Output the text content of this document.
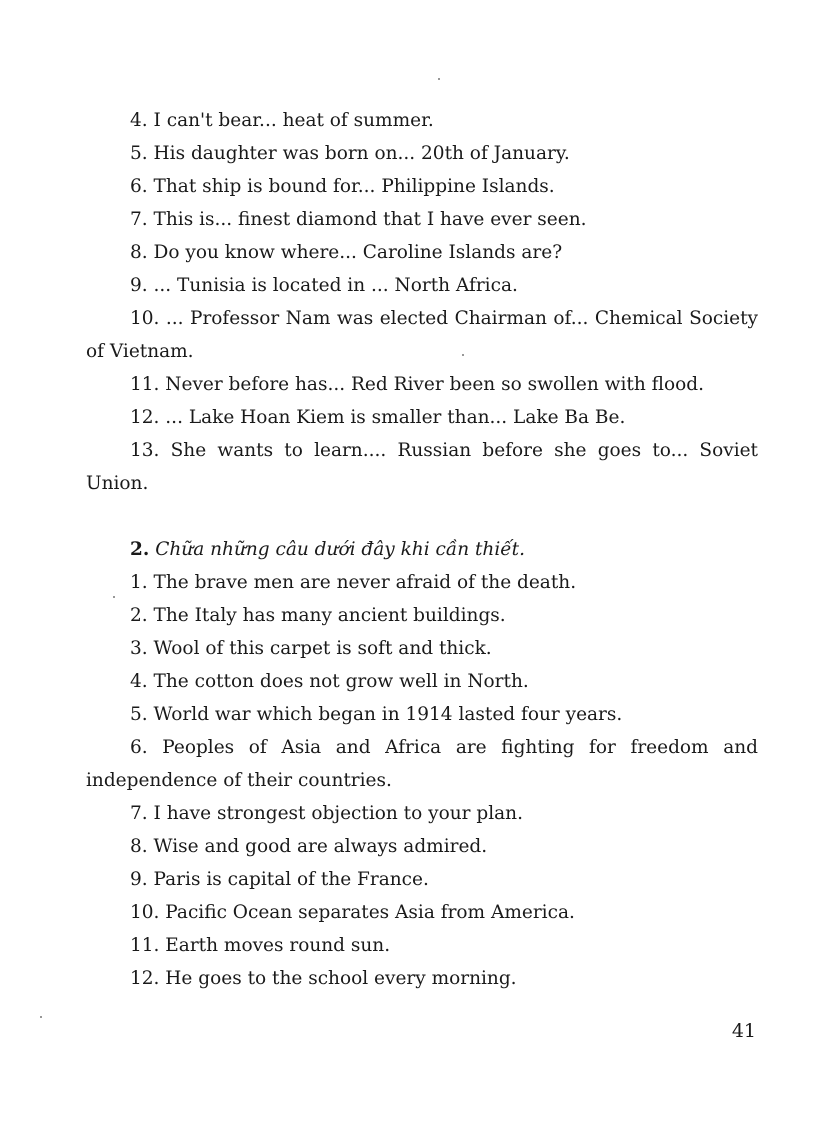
4. I can't bear... heat of summer.

5. His daughter was born on... 20th of January.

6. That ship is bound for... Philippine Islands.

7. This is... finest diamond that I have ever seen.

8. Do you know where... Caroline Islands are?

9. ... Tunisia is located in ... North Africa.

10. ... Professor Nam was elected Chairman of... Chemical Society of Vietnam.

11. Never before has... Red River been so swollen with flood.

12. ... Lake Hoan Kiem is smaller than... Lake Ba Be.

13. She wants to learn.... Russian before she goes to... Soviet Union.

2. Chữa những câu dưới đây khi cần thiết.

1. The brave men are never afraid of the death.

2. The Italy has many ancient buildings.

3. Wool of this carpet is soft and thick.

4. The cotton does not grow well in North.

5. World war which began in 1914 lasted four years.

6. Peoples of Asia and Africa are fighting for freedom and independence of their countries.

7. I have strongest objection to your plan.

8. Wise and good are always admired.

9. Paris is capital of the France.

10. Pacific Ocean separates Asia from America.

11. Earth moves round sun.

12. He goes to the school every morning.

41
